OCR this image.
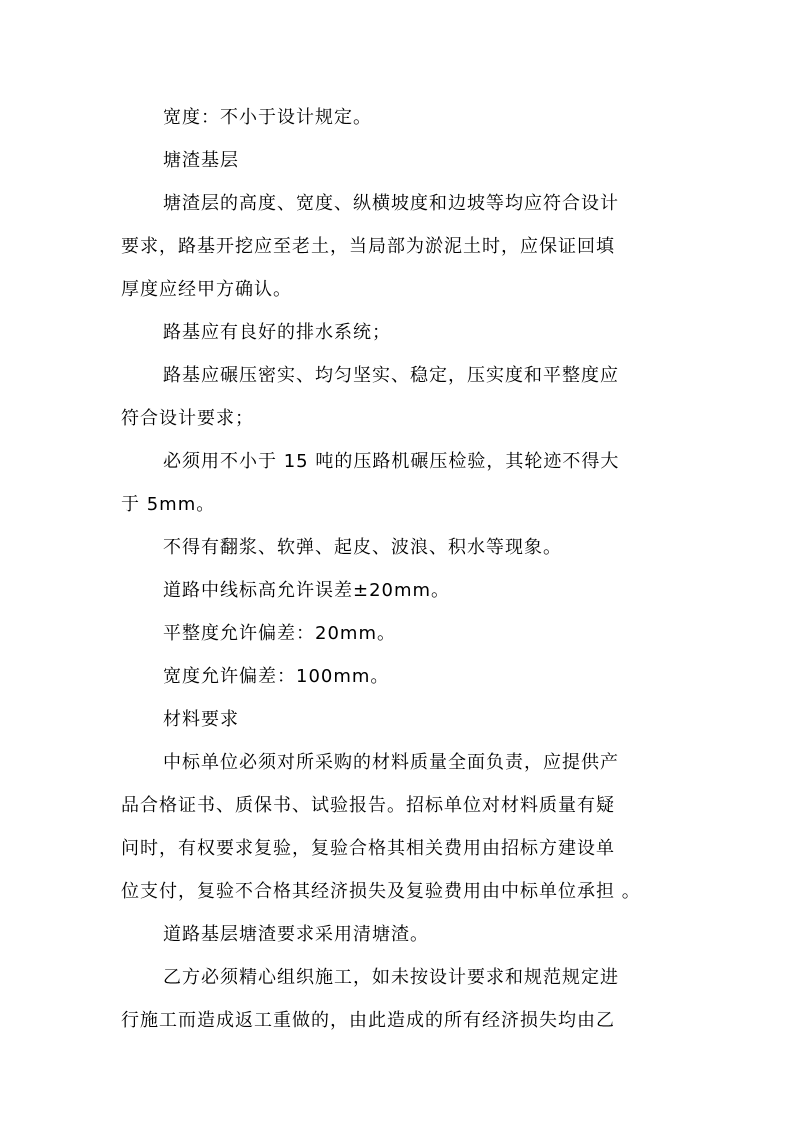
宽度：不小于设计规定。
塘渣基层
塘渣层的高度、宽度、纵横坡度和边坡等均应符合设计
要求，路基开挖应至老土，当局部为淤泥土时，应保证回填
厚度应经甲方确认。
路基应有良好的排水系统；
路基应碾压密实、均匀坚实、稳定，压实度和平整度应
符合设计要求；
必须用不小于 15 吨的压路机碾压检验，其轮迹不得大
于 5mm。
不得有翻浆、软弹、起皮、波浪、积水等现象。
道路中线标高允许误差±20mm。
平整度允许偏差：20mm。
宽度允许偏差：100mm。
材料要求
中标单位必须对所采购的材料质量全面负责，应提供产
品合格证书、质保书、试验报告。招标单位对材料质量有疑
问时，有权要求复验，复验合格其相关费用由招标方建设单
位支付，复验不合格其经济损失及复验费用由中标单位承担 。
道路基层塘渣要求采用清塘渣。
乙方必须精心组织施工，如未按设计要求和规范规定进
行施工而造成返工重做的，由此造成的所有经济损失均由乙
